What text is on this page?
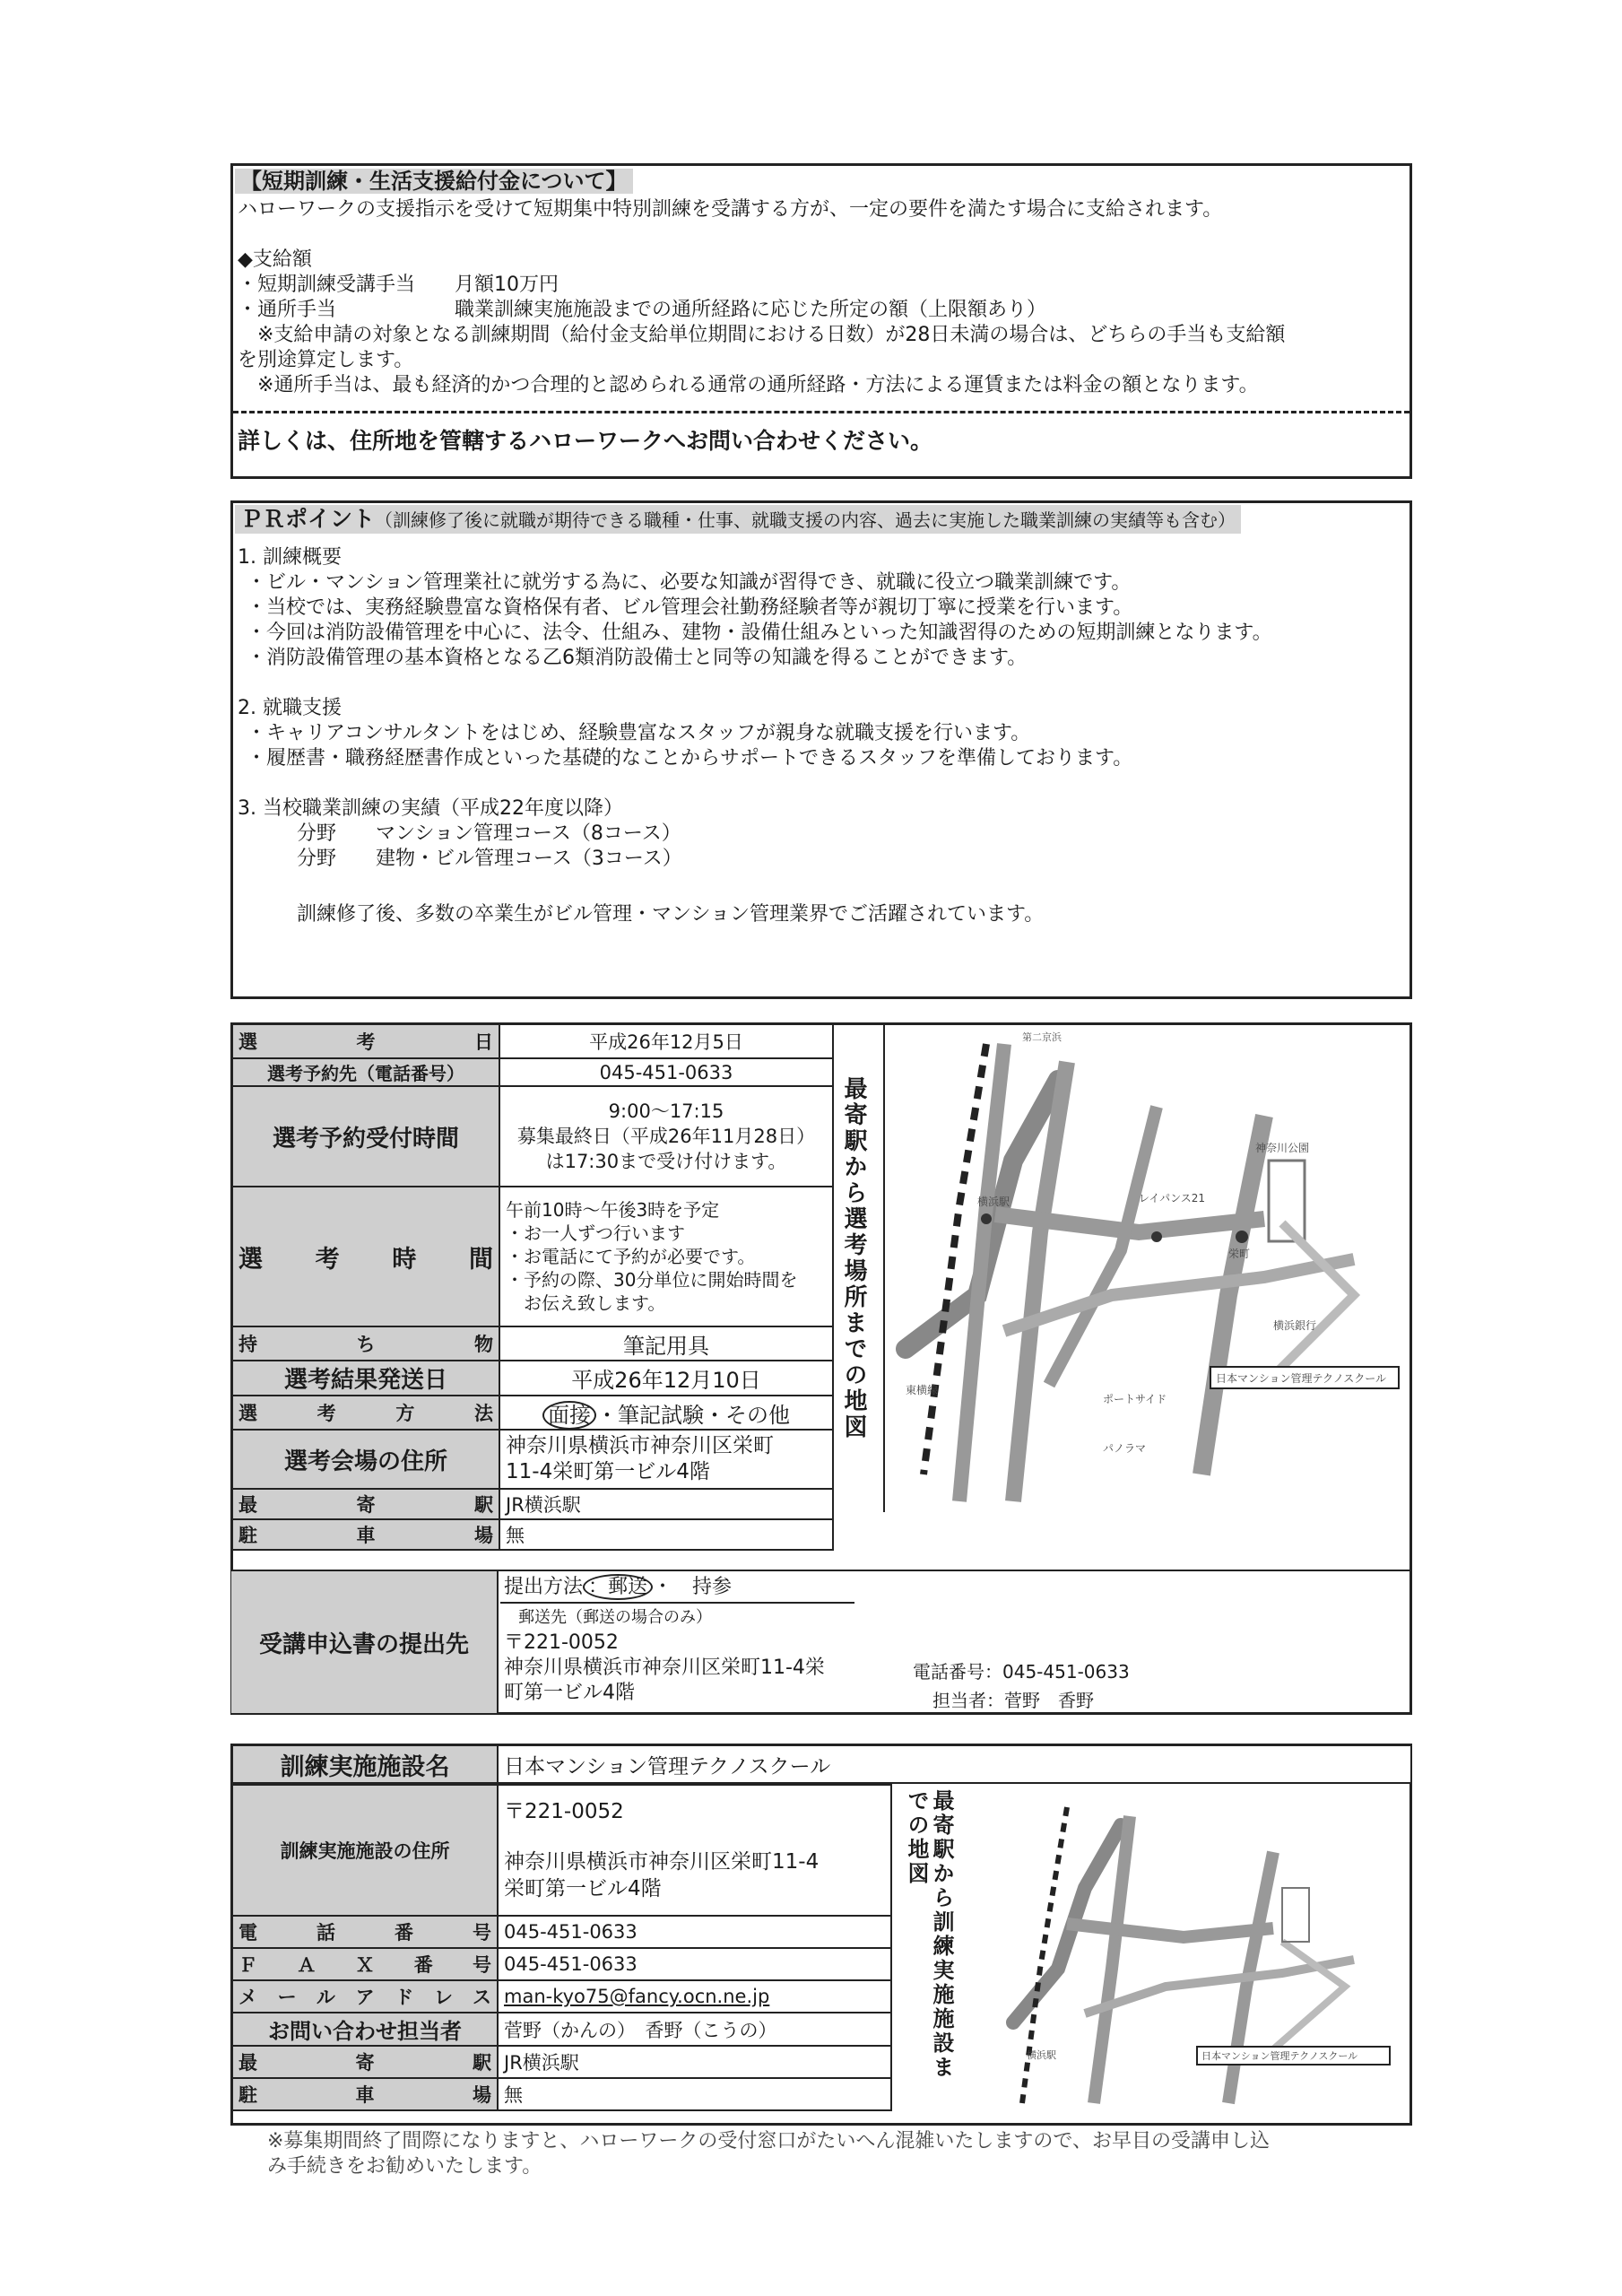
【短期訓練・生活支援給付金について】
ハローワークの支援指示を受けて短期集中特別訓練を受講する方が、一定の要件を満たす場合に支給されます。
◆支給額
・短期訓練受講手当　　月額10万円
・通所手当　　　　　　職業訓練実施施設までの通所経路に応じた所定の額（上限額あり）
　※支給申請の対象となる訓練期間（給付金支給単位期間における日数）が28日未満の場合は、どちらの手当も支給額
を別途算定します。
　※通所手当は、最も経済的かつ合理的と認められる通常の通所経路・方法による運賃または料金の額となります。
詳しくは、住所地を管轄するハローワークへお問い合わせください。
ＰＲポイント（訓練修了後に就職が期待できる職種・仕事、就職支援の内容、過去に実施した職業訓練の実績等も含む）
1. 訓練概要
・ビル・マンション管理業社に就労する為に、必要な知識が習得でき、就職に役立つ職業訓練です。
・当校では、実務経験豊富な資格保有者、ビル管理会社勤務経験者等が親切丁寧に授業を行います。
・今回は消防設備管理を中心に、法令、仕組み、建物・設備仕組みといった知識習得のための短期訓練となります。
・消防設備管理の基本資格となる乙6類消防設備士と同等の知識を得ることができます。
2. 就職支援
・キャリアコンサルタントをはじめ、経験豊富なスタッフが親身な就職支援を行います。
・履歴書・職務経歴書作成といった基礎的なことからサポートできるスタッフを準備しております。
3. 当校職業訓練の実績（平成22年度以降）
　　　分野　　マンション管理コース（8コース）
　　　分野　　建物・ビル管理コース（3コース）
　　　訓練修了後、多数の卒業生がビル管理・マンション管理業界でご活躍されています。
選考日	平成26年12月5日
選考予約先（電話番号）	045-451-0633
選考予約受付時間	9:00～17:15
募集最終日（平成26年11月28日）
は17:30まで受け付けます。

選考時間	午前10時～午後3時を予定
・お一人ずつ行います
・お電話にて予約が必要です。
・予約の際、30分単位に開始時間を
　お伝え致します。

持ち物	筆記用具
選考結果発送日	平成26年12月10日
選考方法	面接 ・筆記試験・その他
選考会場の住所	神奈川県横浜市神奈川区栄町
11-4栄町第一ビル4階

最寄駅	JR横浜駅
駐車場	無
最寄駅から選考場所までの地図
第二京浜
横浜駅 東横線 レイパンス21 神奈川公園 栄町 日本マンション管理テクノスクール ポートサイド パノラマ 横浜銀行
受講申込書の提出先
提出方法 ：郵送 ・　持参
郵送先（郵送の場合のみ）
〒221-0052
神奈川県横浜市神奈川区栄町11-4栄
町第一ビル4階
電話番号：045-451-0633
担当者：菅野　香野
訓練実施施設名	日本マンション管理テクノスクール
訓練実施施設の住所	〒221-0052
神奈川県横浜市神奈川区栄町11-4
栄町第一ビル4階

電話番号	045-451-0633
ＦＡＸ番号	045-451-0633
メールアドレス	man-kyo75@fancy.ocn.ne.jp
お問い合わせ担当者	菅野（かんの）　香野（こうの）
最寄駅	JR横浜駅
駐車場	無
最寄駅から訓練実施施設までの地図
横浜駅	日本マンション管理テクノスクール
※募集期間終了間際になりますと、ハローワークの受付窓口がたいへん混雑いたしますので、お早目の受講申し込
み手続きをお勧めいたします。
